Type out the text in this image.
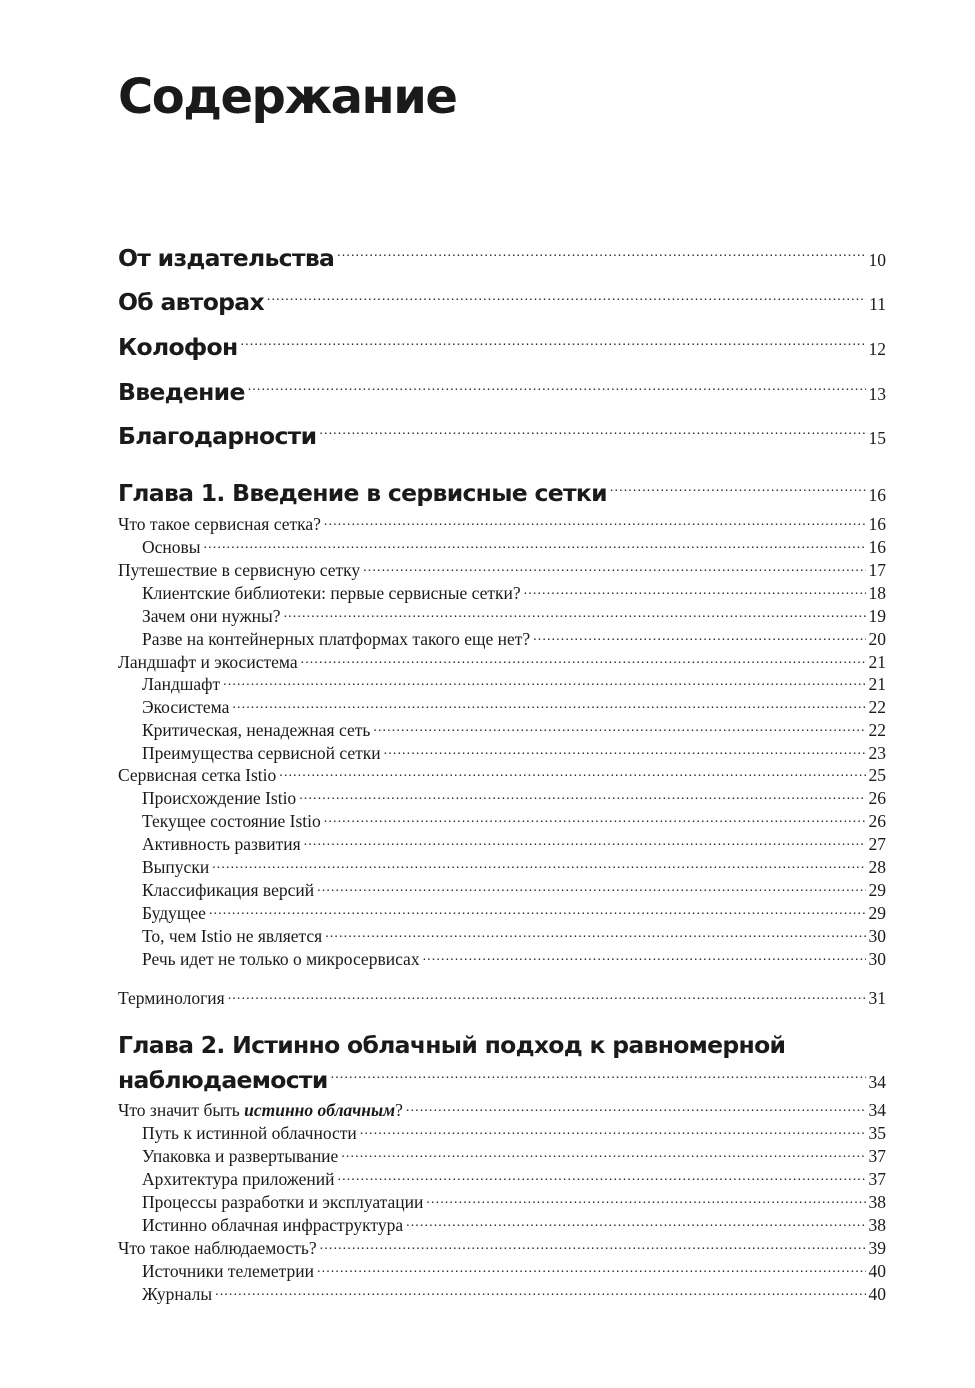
Содержание
От издательства .....	10
Об авторах .....	11
Колофон .....	12
Введение .....	13
Благодарности .....	15
Глава 1. Введение в сервисные сетки .....	16
Что такое сервисная сетка? .....	16
Основы .....	16
Путешествие в сервисную сетку .....	17
Клиентские библиотеки: первые сервисные сетки? .....	18
Зачем они нужны? .....	19
Разве на контейнерных платформах такого еще нет? .....	20
Ландшафт и экосистема .....	21
Ландшафт .....	21
Экосистема .....	22
Критическая, ненадежная сеть .....	22
Преимущества сервисной сетки .....	23
Сервисная сетка Istio .....	25
Происхождение Istio .....	26
Текущее состояние Istio .....	26
Активность развития .....	27
Выпуски .....	28
Классификация версий .....	29
Будущее .....	29
То, чем Istio не является .....	30
Речь идет не только о микросервисах .....	30
Терминология .....	31
Глава 2. Истинно облачный подход к равномерной
наблюдаемости .....	34
Что значит быть истинно облачным? .....	34
Путь к истинной облачности .....	35
Упаковка и развертывание .....	37
Архитектура приложений .....	37
Процессы разработки и эксплуатации .....	38
Истинно облачная инфраструктура .....	38
Что такое наблюдаемость? .....	39
Источники телеметрии .....	40
Журналы .....	40
